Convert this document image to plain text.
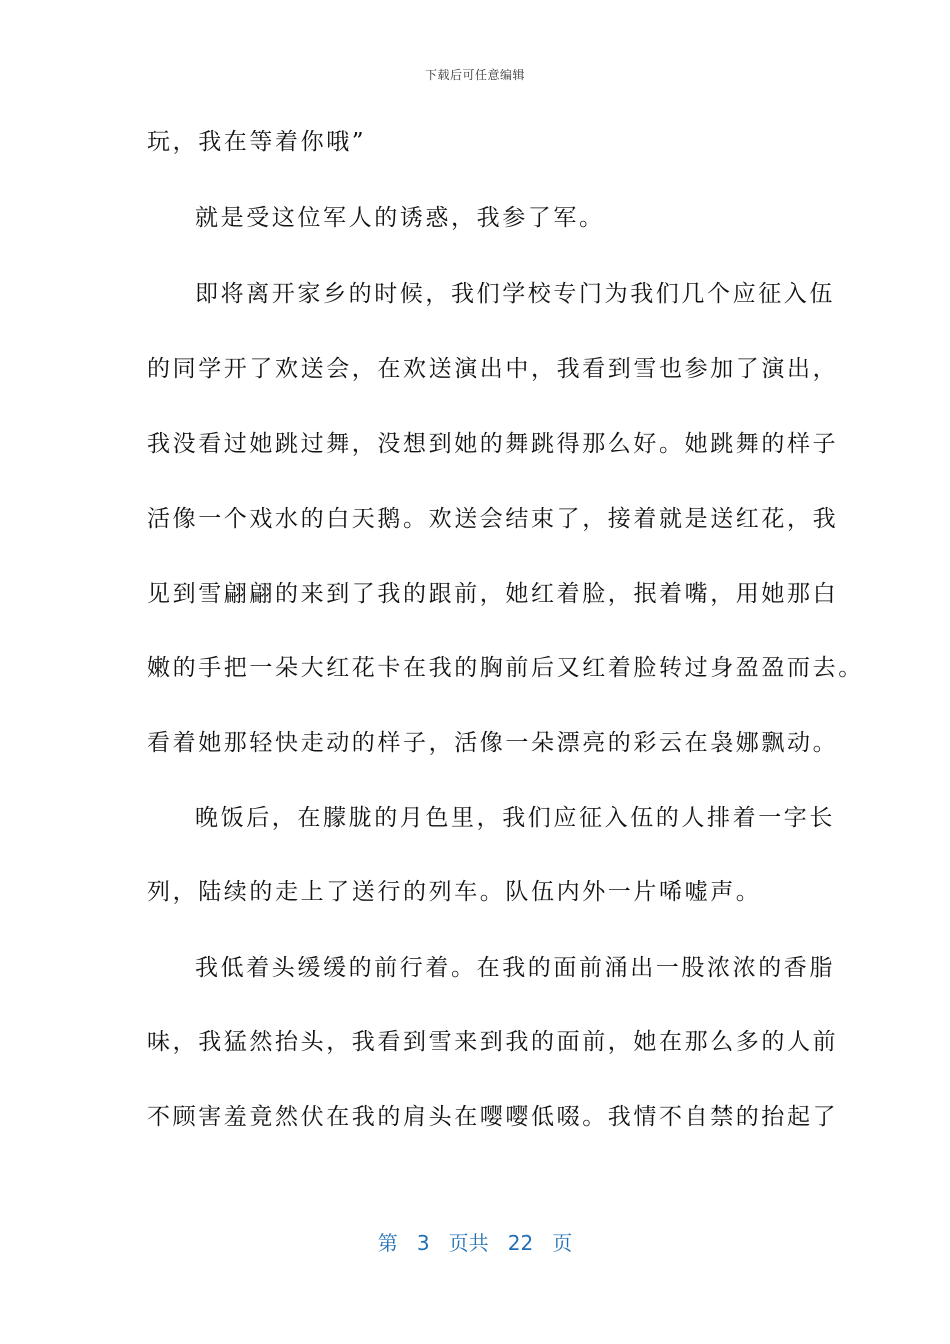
下载后可任意编辑
玩，我在等着你哦”
就是受这位军人的诱惑，我参了军。
即将离开家乡的时候，我们学校专门为我们几个应征入伍
的同学开了欢送会，在欢送演出中，我看到雪也参加了演出，
我没看过她跳过舞，没想到她的舞跳得那么好。她跳舞的样子
活像一个戏水的白天鹅。欢送会结束了，接着就是送红花，我
见到雪翩翩的来到了我的跟前，她红着脸，抿着嘴，用她那白
嫩的手把一朵大红花卡在我的胸前后又红着脸转过身盈盈而去。
看着她那轻快走动的样子，活像一朵漂亮的彩云在袅娜飘动。
晚饭后，在朦胧的月色里，我们应征入伍的人排着一字长
列，陆续的走上了送行的列车。队伍内外一片唏嘘声。
我低着头缓缓的前行着。在我的面前涌出一股浓浓的香脂
味，我猛然抬头，我看到雪来到我的面前，她在那么多的人前
不顾害羞竟然伏在我的肩头在嘤嘤低啜。我情不自禁的抬起了
第 3 页共 22 页
